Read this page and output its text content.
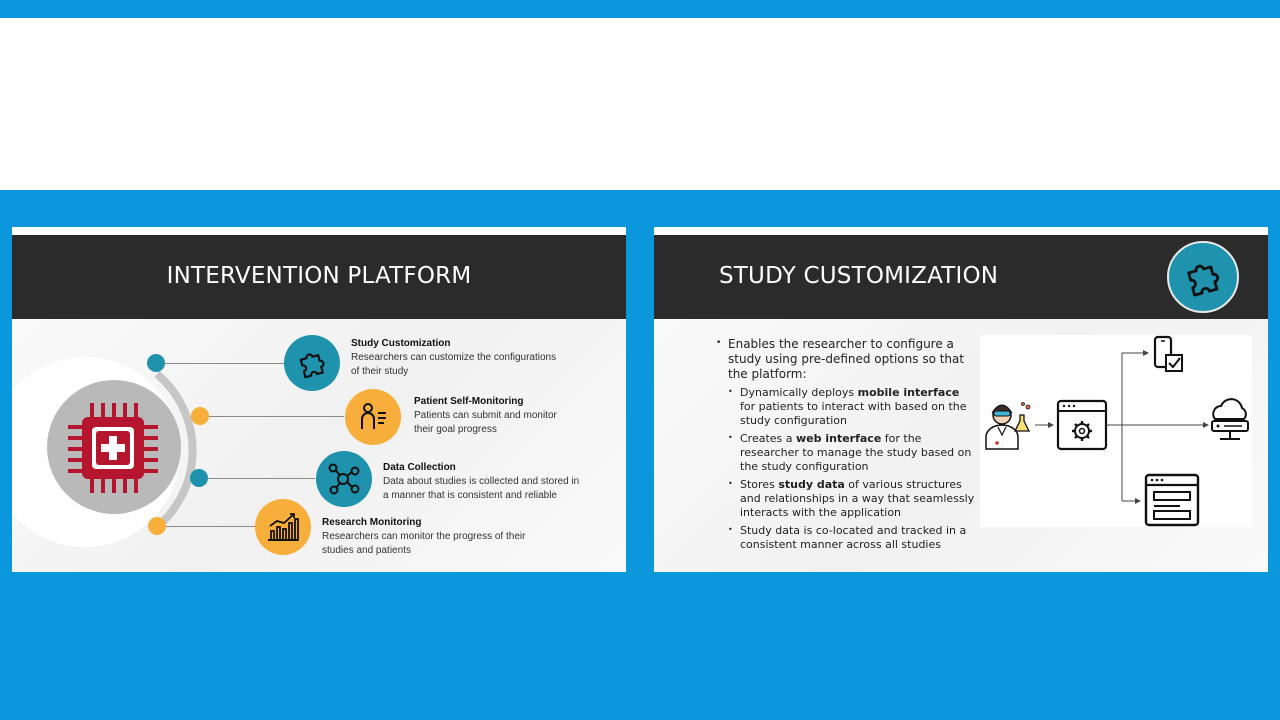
INTERVENTION PLATFORM
Study Customization
Researchers can customize the configurations of their study
Patient Self-Monitoring
Patients can submit and monitor their goal progress
Data Collection
Data about studies is collected and stored in a manner that is consistent and reliable
Research Monitoring
Researchers can monitor the progress of their studies and patients
STUDY CUSTOMIZATION
• Enables the researcher to configure a study using pre-defined options so that the platform:
• Dynamically deploys mobile interface for patients to interact with based on the study configuration
• Creates a web interface for the researcher to manage the study based on the study configuration
• Stores study data of various structures and relationships in a way that seamlessly interacts with the application
• Study data is co-located and tracked in a consistent manner across all studies
